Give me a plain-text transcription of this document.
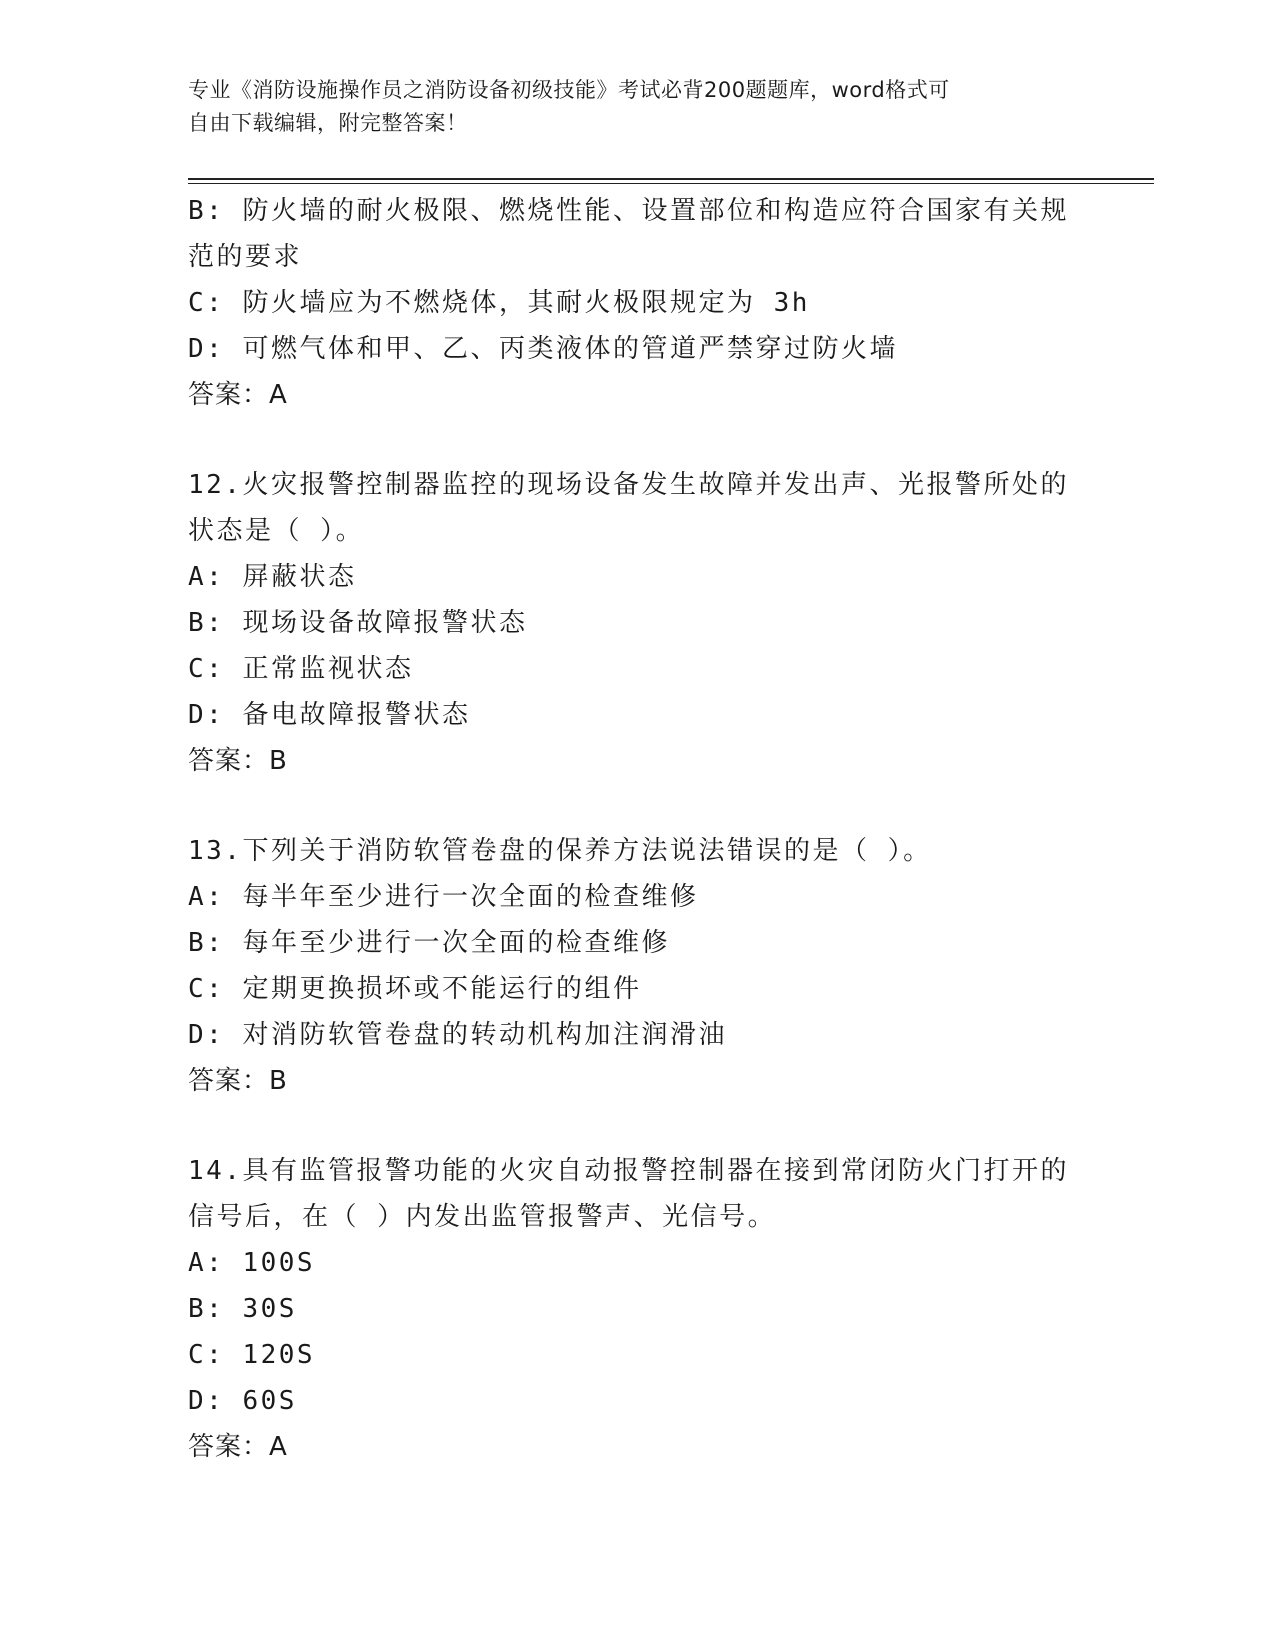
专业《消防设施操作员之消防设备初级技能》考试必背200题题库，word格式可
自由下载编辑，附完整答案！
B: 防火墙的耐火极限、燃烧性能、设置部位和构造应符合国家有关规
范的要求
C: 防火墙应为不燃烧体，其耐火极限规定为 3h
D: 可燃气体和甲、乙、丙类液体的管道严禁穿过防火墙
答案：A
12.火灾报警控制器监控的现场设备发生故障并发出声、光报警所处的
状态是（ ）。
A: 屏蔽状态
B: 现场设备故障报警状态
C: 正常监视状态
D: 备电故障报警状态
答案：B
13.下列关于消防软管卷盘的保养方法说法错误的是（ ）。
A: 每半年至少进行一次全面的检查维修
B: 每年至少进行一次全面的检查维修
C: 定期更换损坏或不能运行的组件
D: 对消防软管卷盘的转动机构加注润滑油
答案：B
14.具有监管报警功能的火灾自动报警控制器在接到常闭防火门打开的
信号后，在（ ）内发出监管报警声、光信号。
A: 100S
B: 30S
C: 120S
D: 60S
答案：A
